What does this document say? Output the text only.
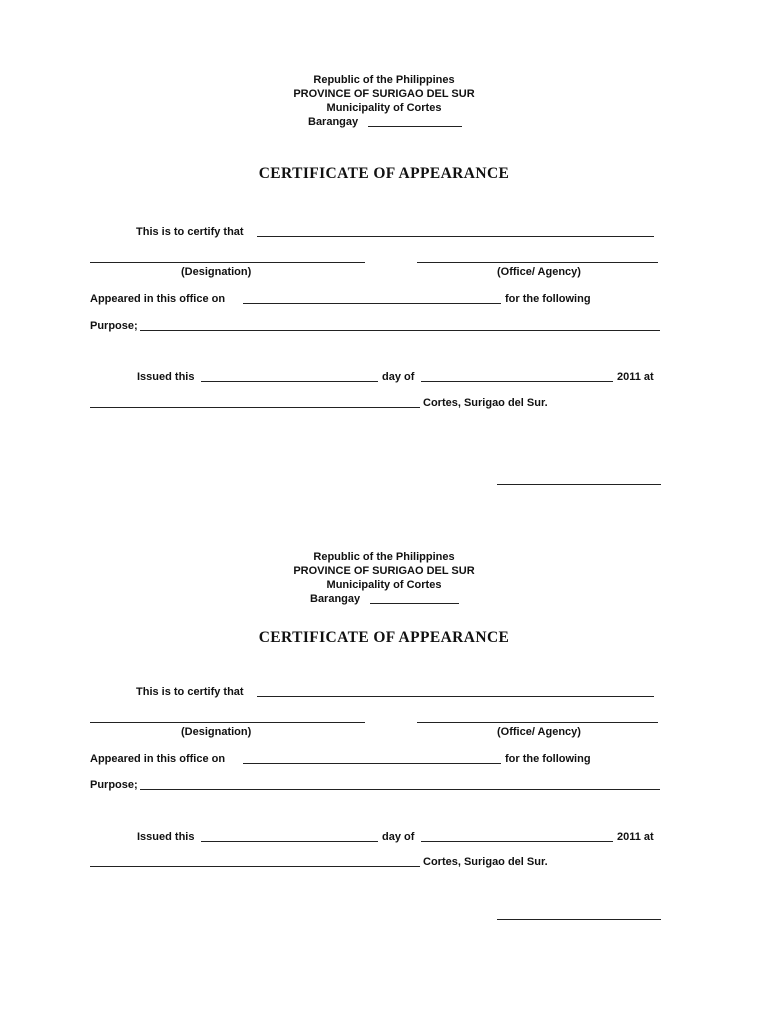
Republic of the Philippines
PROVINCE OF SURIGAO DEL SUR
Municipality of Cortes
Barangay
CERTIFICATE OF APPEARANCE
This is to certify that
(Designation)	(Office/ Agency)
Appeared in this office on	for the following
Purpose;
Issued this	day of	2011 at
Cortes, Surigao del Sur.
Republic of the Philippines
PROVINCE OF SURIGAO DEL SUR
Municipality of Cortes
Barangay
CERTIFICATE OF APPEARANCE
This is to certify that
(Designation)	(Office/ Agency)
Appeared in this office on	for the following
Purpose;
Issued this	day of	2011 at
Cortes, Surigao del Sur.
